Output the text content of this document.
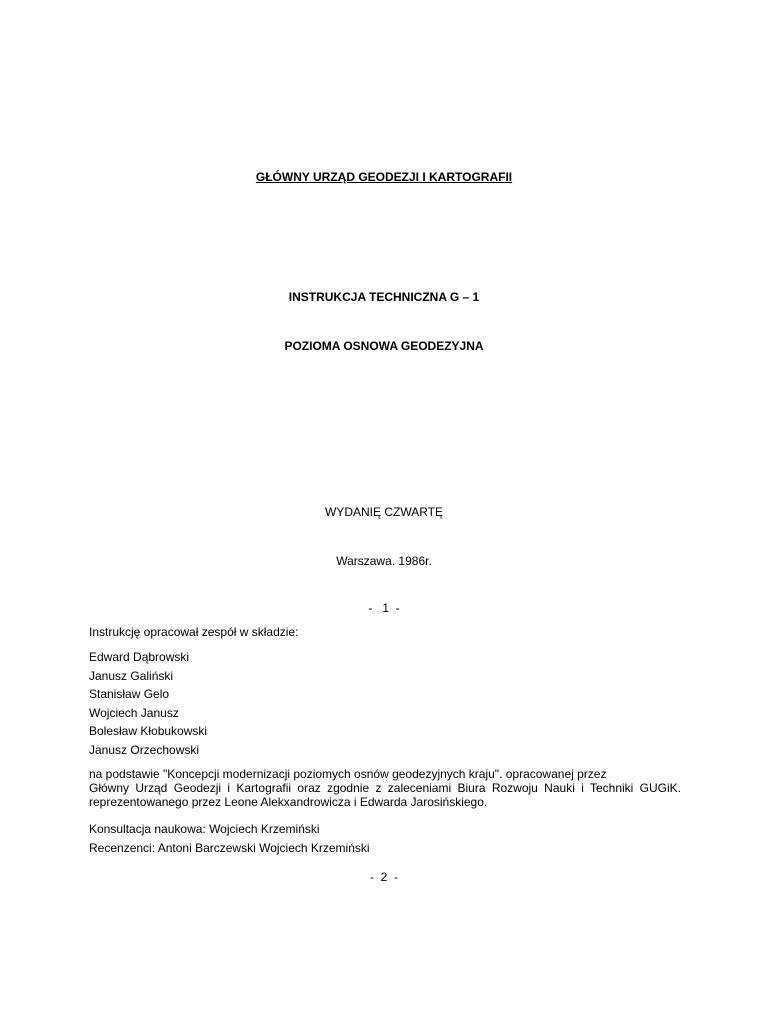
GŁÓWNY URZĄD GEODEZJI I KARTOGRAFII
INSTRUKCJA TECHNICZNA G – 1
POZIOMA OSNOWA GEODEZYJNA
WYDANIĘ CZWARTĘ
Warszawa. 1986r.
-   1  -
Instrukcję opracował zespół w składzie:
Edward Dąbrowski
Janusz Galiński
Stanisław Gelo
Wojciech Janusz
Bolesław Kłobukowski
Janusz Orzechowski
na podstawie "Koncepcji modernizacji poziomych osnów geodezyjnych kraju". opracowanej przez
Główny Urząd Geodezji i Kartografii oraz zgodnie z zaleceniami Biura Rozwoju Nauki i Techniki GUGiK.
reprezentowanego przez Leone Alekxandrowicza i Edwarda Jarosińskiego.
Konsultacja naukowa: Wojciech Krzemiński
Recenzenci: Antoni Barczewski Wojciech Krzemiński
-  2  -
